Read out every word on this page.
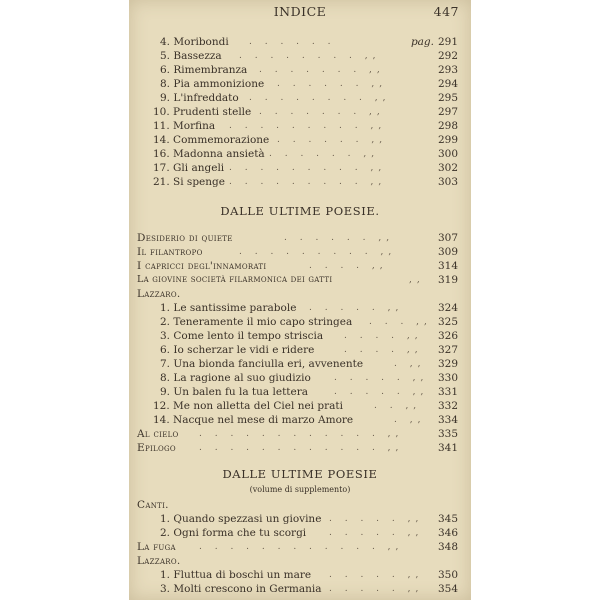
INDICE	447
4. Moribondi . . . . . .	pag. 291
5. Bassezza . . . . . . . . ,,	292
6. Rimembranza . . . . . . . ,,	293
8. Pia ammonizione . . . . . . ,,	294
9. L'infreddato . . . . . . . . ,,	295
10. Prudenti stelle . . . . . . . ,,	297
11. Morfina . . . . . . . . . ,,	298
14. Commemorazione . . . . . . ,,	299
16. Madonna ansietà . . . . . . ,,	300
17. Gli angeli . . . . . . . . . ,,	302
21. Si spenge . . . . . . . . . ,,	303
DALLE ULTIME POESIE.
Desiderio di quiete	. . . . . . ,,	307
Il filantropo	. . . . . . . . . ,,	309
I capricci degl'innamorati	. . . . ,,	314
La giovine società filarmonica dei gatti	,,	319
Lazzaro.
1. Le santissime parabole . . . . . ,,	324
2. Teneramente il mio capo stringea . . . ,, 325
3. Come lento il tempo striscia . . . . ,,	326
6. Io scherzar le vidi e ridere	. . . . ,,	327
7. Una bionda fanciulla eri, avvenente	. ,,	329
8. La ragione al suo giudizio	. . . . . ,, 330
9. Un balen fu la tua lettera	. . . . . ,, 331
12. Me non alletta del Ciel nei prati	. . ,,	332
14. Nacque nel mese di marzo Amore	. ,,	334
Al cielo . . . . . . . . . . . . ,,	335
Epilogo	. . . . . . . . . . . . ,,	341
DALLE ULTIME POESIE
(volume di supplemento)
Canti.
1. Quando spezzasi un giovine . . . . . ,,	345
2. Ogni forma che tu scorgi	. . . . . ,,	346
La fuga	. . . . . . . . . . . . ,,	348
Lazzaro.
1. Fluttua di boschi un mare . . . . . ,,	350
3. Molti crescono in Germania . . . . . ,,	354
